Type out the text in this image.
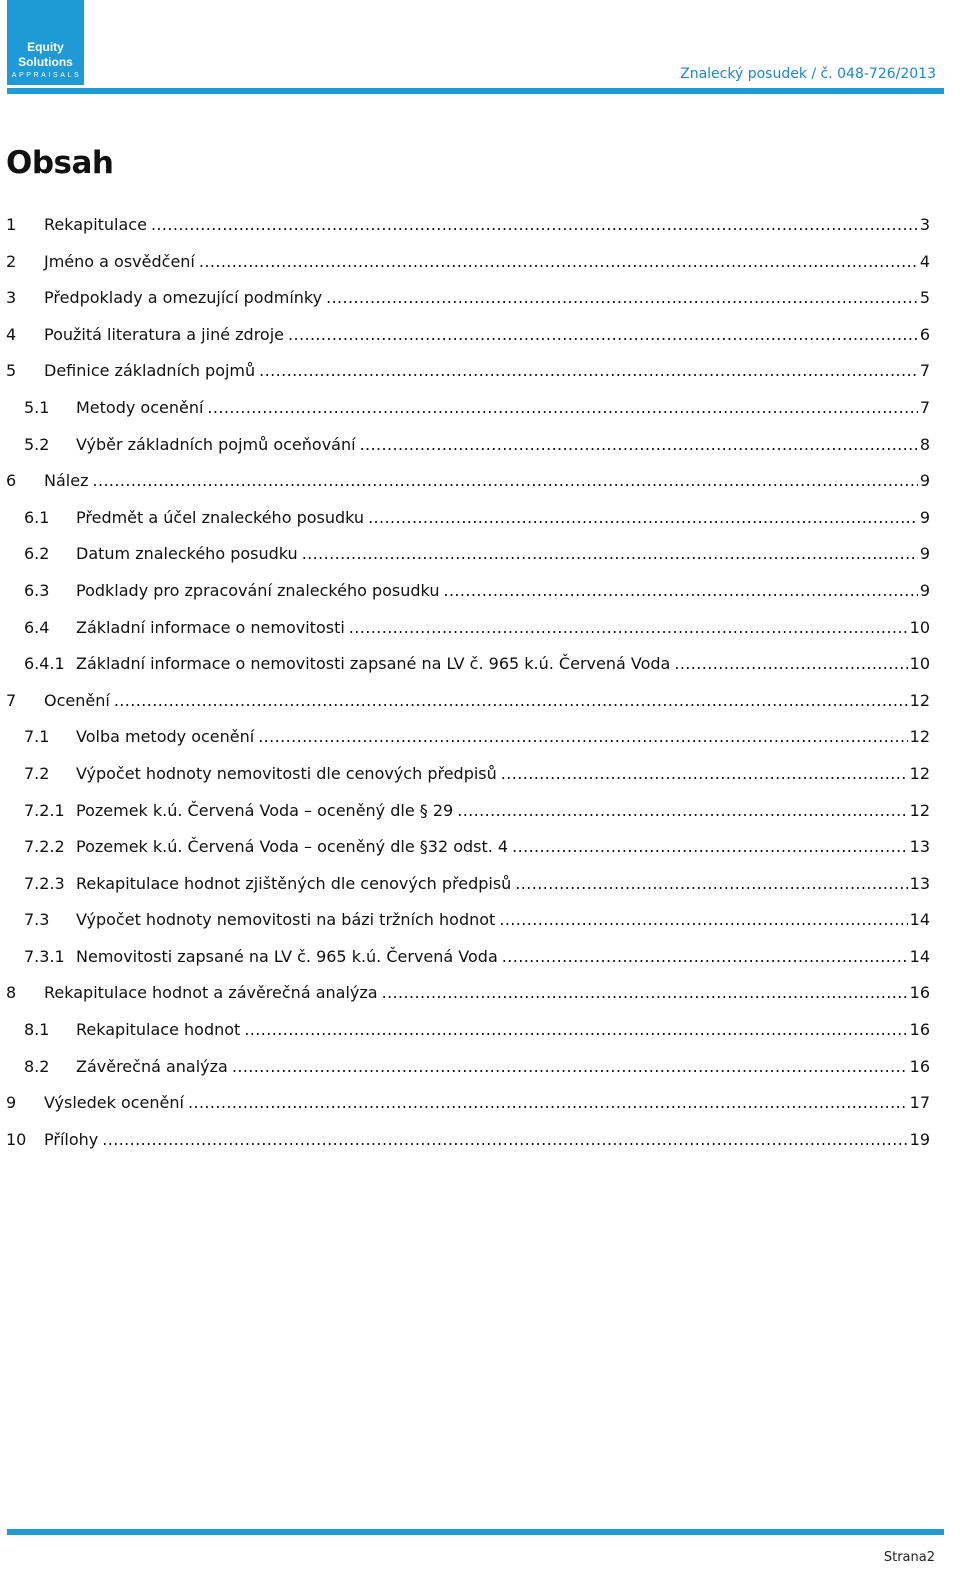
Equity
Solutions
APPRAISALS	Znalecký posudek / č. 048-726/2013
Obsah
1	Rekapitulace .....	3
2	Jméno a osvědčení .....	4
3	Předpoklady a omezující podmínky .....	5
4	Použitá literatura a jiné zdroje .....	6
5	Definice základních pojmů .....	7
5.1	Metody ocenění .....	7
5.2	Výběr základních pojmů oceňování .....	8
6	Nález .....	9
6.1	Předmět a účel znaleckého posudku .....	9
6.2	Datum znaleckého posudku .....	9
6.3	Podklady pro zpracování znaleckého posudku .....	9
6.4	Základní informace o nemovitosti .....	10
6.4.1 Základní informace o nemovitosti zapsané na LV č. 965 k.ú. Červená Voda .....	10
7	Ocenění .....	12
7.1	Volba metody ocenění .....	12
7.2	Výpočet hodnoty nemovitosti dle cenových předpisů .....	12
7.2.1 Pozemek k.ú. Červená Voda – oceněný dle § 29 .....	12
7.2.2 Pozemek k.ú. Červená Voda – oceněný dle §32 odst. 4 .....	13
7.2.3 Rekapitulace hodnot zjištěných dle cenových předpisů .....	13
7.3	Výpočet hodnoty nemovitosti na bázi tržních hodnot .....	14
7.3.1 Nemovitosti zapsané na LV č. 965 k.ú. Červená Voda .....	14
8	Rekapitulace hodnot a závěrečná analýza .....	16
8.1	Rekapitulace hodnot .....	16
8.2	Závěrečná analýza .....	16
9	Výsledek ocenění .....	17
10	Přílohy .....	19
Strana2
